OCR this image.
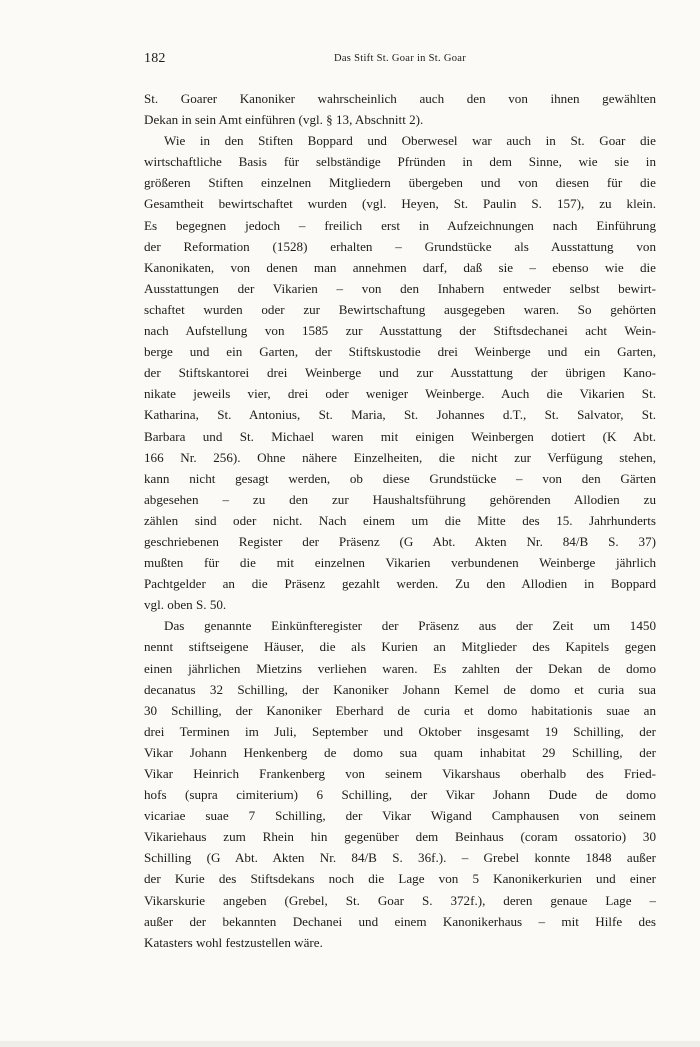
182	Das Stift St. Goar in St. Goar
St. Goarer Kanoniker wahrscheinlich auch den von ihnen gewählten
Dekan in sein Amt einführen (vgl. § 13, Abschnitt 2).
Wie in den Stiften Boppard und Oberwesel war auch in St. Goar die
wirtschaftliche Basis für selbständige Pfründen in dem Sinne, wie sie in
größeren Stiften einzelnen Mitgliedern übergeben und von diesen für die
Gesamtheit bewirtschaftet wurden (vgl. Heyen, St. Paulin S. 157), zu klein.
Es begegnen jedoch – freilich erst in Aufzeichnungen nach Einführung
der Reformation (1528) erhalten – Grundstücke als Ausstattung von
Kanonikaten, von denen man annehmen darf, daß sie – ebenso wie die
Ausstattungen der Vikarien – von den Inhabern entweder selbst bewirt-
schaftet wurden oder zur Bewirtschaftung ausgegeben waren. So gehörten
nach Aufstellung von 1585 zur Ausstattung der Stiftsdechanei acht Wein-
berge und ein Garten, der Stiftskustodie drei Weinberge und ein Garten,
der Stiftskantorei drei Weinberge und zur Ausstattung der übrigen Kano-
nikate jeweils vier, drei oder weniger Weinberge. Auch die Vikarien St.
Katharina, St. Antonius, St. Maria, St. Johannes d.T., St. Salvator, St.
Barbara und St. Michael waren mit einigen Weinbergen dotiert (K Abt.
166 Nr. 256). Ohne nähere Einzelheiten, die nicht zur Verfügung stehen,
kann nicht gesagt werden, ob diese Grundstücke – von den Gärten
abgesehen – zu den zur Haushaltsführung gehörenden Allodien zu
zählen sind oder nicht. Nach einem um die Mitte des 15. Jahrhunderts
geschriebenen Register der Präsenz (G Abt. Akten Nr. 84/B S. 37)
mußten für die mit einzelnen Vikarien verbundenen Weinberge jährlich
Pachtgelder an die Präsenz gezahlt werden. Zu den Allodien in Boppard
vgl. oben S. 50.
Das genannte Einkünfteregister der Präsenz aus der Zeit um 1450
nennt stiftseigene Häuser, die als Kurien an Mitglieder des Kapitels gegen
einen jährlichen Mietzins verliehen waren. Es zahlten der Dekan de domo
decanatus 32 Schilling, der Kanoniker Johann Kemel de domo et curia sua
30 Schilling, der Kanoniker Eberhard de curia et domo habitationis suae an
drei Terminen im Juli, September und Oktober insgesamt 19 Schilling, der
Vikar Johann Henkenberg de domo sua quam inhabitat 29 Schilling, der
Vikar Heinrich Frankenberg von seinem Vikarshaus oberhalb des Fried-
hofs (supra cimiterium) 6 Schilling, der Vikar Johann Dude de domo
vicariae suae 7 Schilling, der Vikar Wigand Camphausen von seinem
Vikariehaus zum Rhein hin gegenüber dem Beinhaus (coram ossatorio) 30
Schilling (G Abt. Akten Nr. 84/B S. 36f.). – Grebel konnte 1848 außer
der Kurie des Stiftsdekans noch die Lage von 5 Kanonikerkurien und einer
Vikarskurie angeben (Grebel, St. Goar S. 372f.), deren genaue Lage –
außer der bekannten Dechanei und einem Kanonikerhaus – mit Hilfe des
Katasters wohl festzustellen wäre.
